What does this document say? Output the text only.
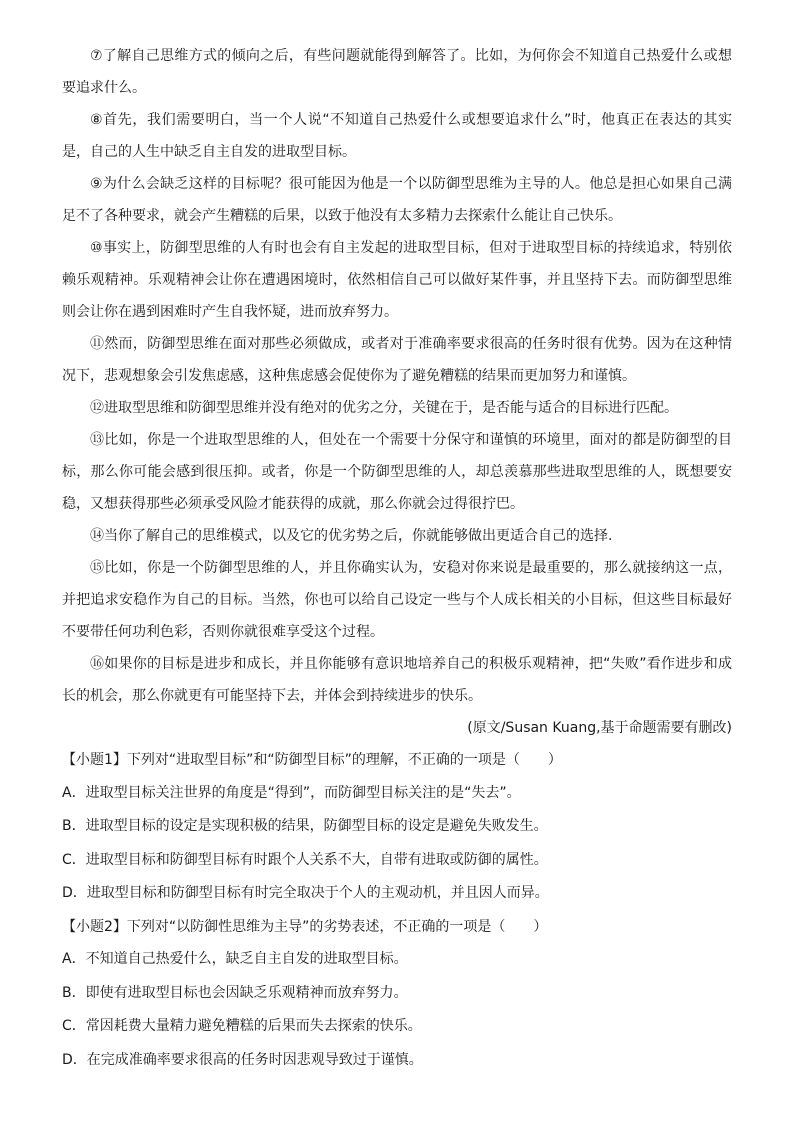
⑦了解自己思维方式的倾向之后，有些问题就能得到解答了。比如，为何你会不知道自己热爱什么或想要追求什么。

⑧首先，我们需要明白，当一个人说“不知道自己热爱什么或想要追求什么”时，他真正在表达的其实是，自己的人生中缺乏自主自发的进取型目标。

⑨为什么会缺乏这样的目标呢？很可能因为他是一个以防御型思维为主导的人。他总是担心如果自己满足不了各种要求，就会产生糟糕的后果，以致于他没有太多精力去探索什么能让自己快乐。

⑩事实上，防御型思维的人有时也会有自主发起的进取型目标，但对于进取型目标的持续追求，特别依赖乐观精神。乐观精神会让你在遭遇困境时，依然相信自己可以做好某件事，并且坚持下去。而防御型思维则会让你在遇到困难时产生自我怀疑，进而放弃努力。

⑪然而，防御型思维在面对那些必须做成，或者对于准确率要求很高的任务时很有优势。因为在这种情况下，悲观想象会引发焦虑感，这种焦虑感会促使你为了避免糟糕的结果而更加努力和谨慎。

⑫进取型思维和防御型思维并没有绝对的优劣之分，关键在于，是否能与适合的目标进行匹配。

⑬比如，你是一个进取型思维的人，但处在一个需要十分保守和谨慎的环境里，面对的都是防御型的目标，那么你可能会感到很压抑。或者，你是一个防御型思维的人，却总羡慕那些进取型思维的人，既想要安稳，又想获得那些必须承受风险才能获得的成就，那么你就会过得很拧巴。

⑭当你了解自己的思维模式，以及它的优劣势之后，你就能够做出更适合自己的选择.

⑮比如，你是一个防御型思维的人，并且你确实认为，安稳对你来说是最重要的，那么就接纳这一点，并把追求安稳作为自己的目标。当然，你也可以给自己设定一些与个人成长相关的小目标，但这些目标最好不要带任何功利色彩，否则你就很难享受这个过程。

⑯如果你的目标是进步和成长，并且你能够有意识地培养自己的积极乐观精神，把“失败”看作进步和成长的机会，那么你就更有可能坚持下去，并体会到持续进步的快乐。

(原文/Susan Kuang,基于命题需要有删改)

【小题1】下列对“进取型目标”和“防御型目标”的理解，不正确的一项是（　　）

A．进取型目标关注世界的角度是“得到”，而防御型目标关注的是“失去”。

B．进取型目标的设定是实现积极的结果，防御型目标的设定是避免失败发生。

C．进取型目标和防御型目标有时跟个人关系不大，自带有进取或防御的属性。

D．进取型目标和防御型目标有时完全取决于个人的主观动机，并且因人而异。

【小题2】下列对“以防御性思维为主导”的劣势表述，不正确的一项是（　　）

A．不知道自己热爱什么，缺乏自主自发的进取型目标。

B．即使有进取型目标也会因缺乏乐观精神而放弃努力。

C．常因耗费大量精力避免糟糕的后果而失去探索的快乐。

D．在完成准确率要求很高的任务时因悲观导致过于谨慎。
